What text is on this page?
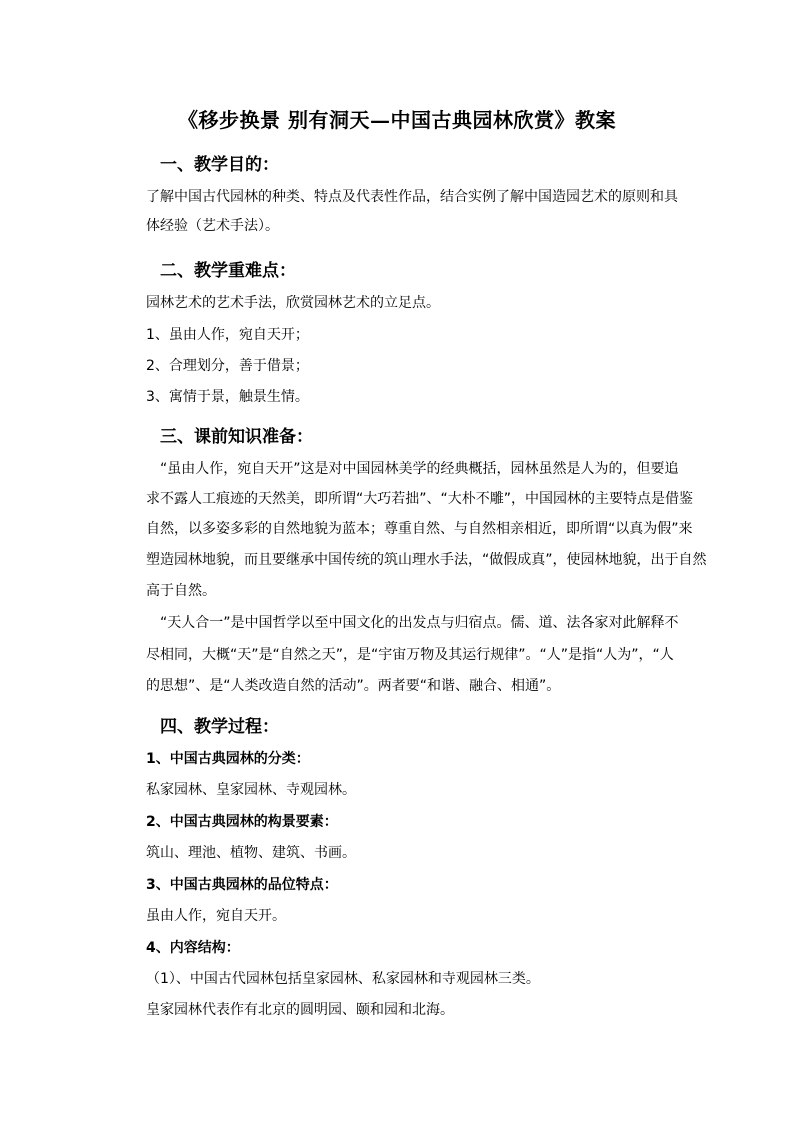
《移步换景 别有洞天—中国古典园林欣赏》教案
一、教学目的：
了解中国古代园林的种类、特点及代表性作品，结合实例了解中国造园艺术的原则和具
体经验（艺术手法）。
二、教学重难点：
园林艺术的艺术手法，欣赏园林艺术的立足点。
1、虽由人作，宛自天开；
2、合理划分，善于借景；
3、寓情于景，触景生情。
三、课前知识准备：
“虽由人作，宛自天开”这是对中国园林美学的经典概括，园林虽然是人为的，但要追
求不露人工痕迹的天然美，即所谓“大巧若拙”、“大朴不雕”，中国园林的主要特点是借鉴
自然，以多姿多彩的自然地貌为蓝本；尊重自然、与自然相亲相近，即所谓“以真为假”来
塑造园林地貌，而且要继承中国传统的筑山理水手法，“做假成真”，使园林地貌，出于自然
高于自然。
“天人合一”是中国哲学以至中国文化的出发点与归宿点。儒、道、法各家对此解释不
尽相同，大概“天”是“自然之天”，是“宇宙万物及其运行规律”。“人”是指“人为”，“人
的思想”、是“人类改造自然的活动”。两者要“和谐、融合、相通”。
四、教学过程：
1、中国古典园林的分类：
私家园林、皇家园林、寺观园林。
2、中国古典园林的构景要素：
筑山、理池、植物、建筑、书画。
3、中国古典园林的品位特点：
虽由人作，宛自天开。
4、内容结构：
（1）、中国古代园林包括皇家园林、私家园林和寺观园林三类。
皇家园林代表作有北京的圆明园、颐和园和北海。
